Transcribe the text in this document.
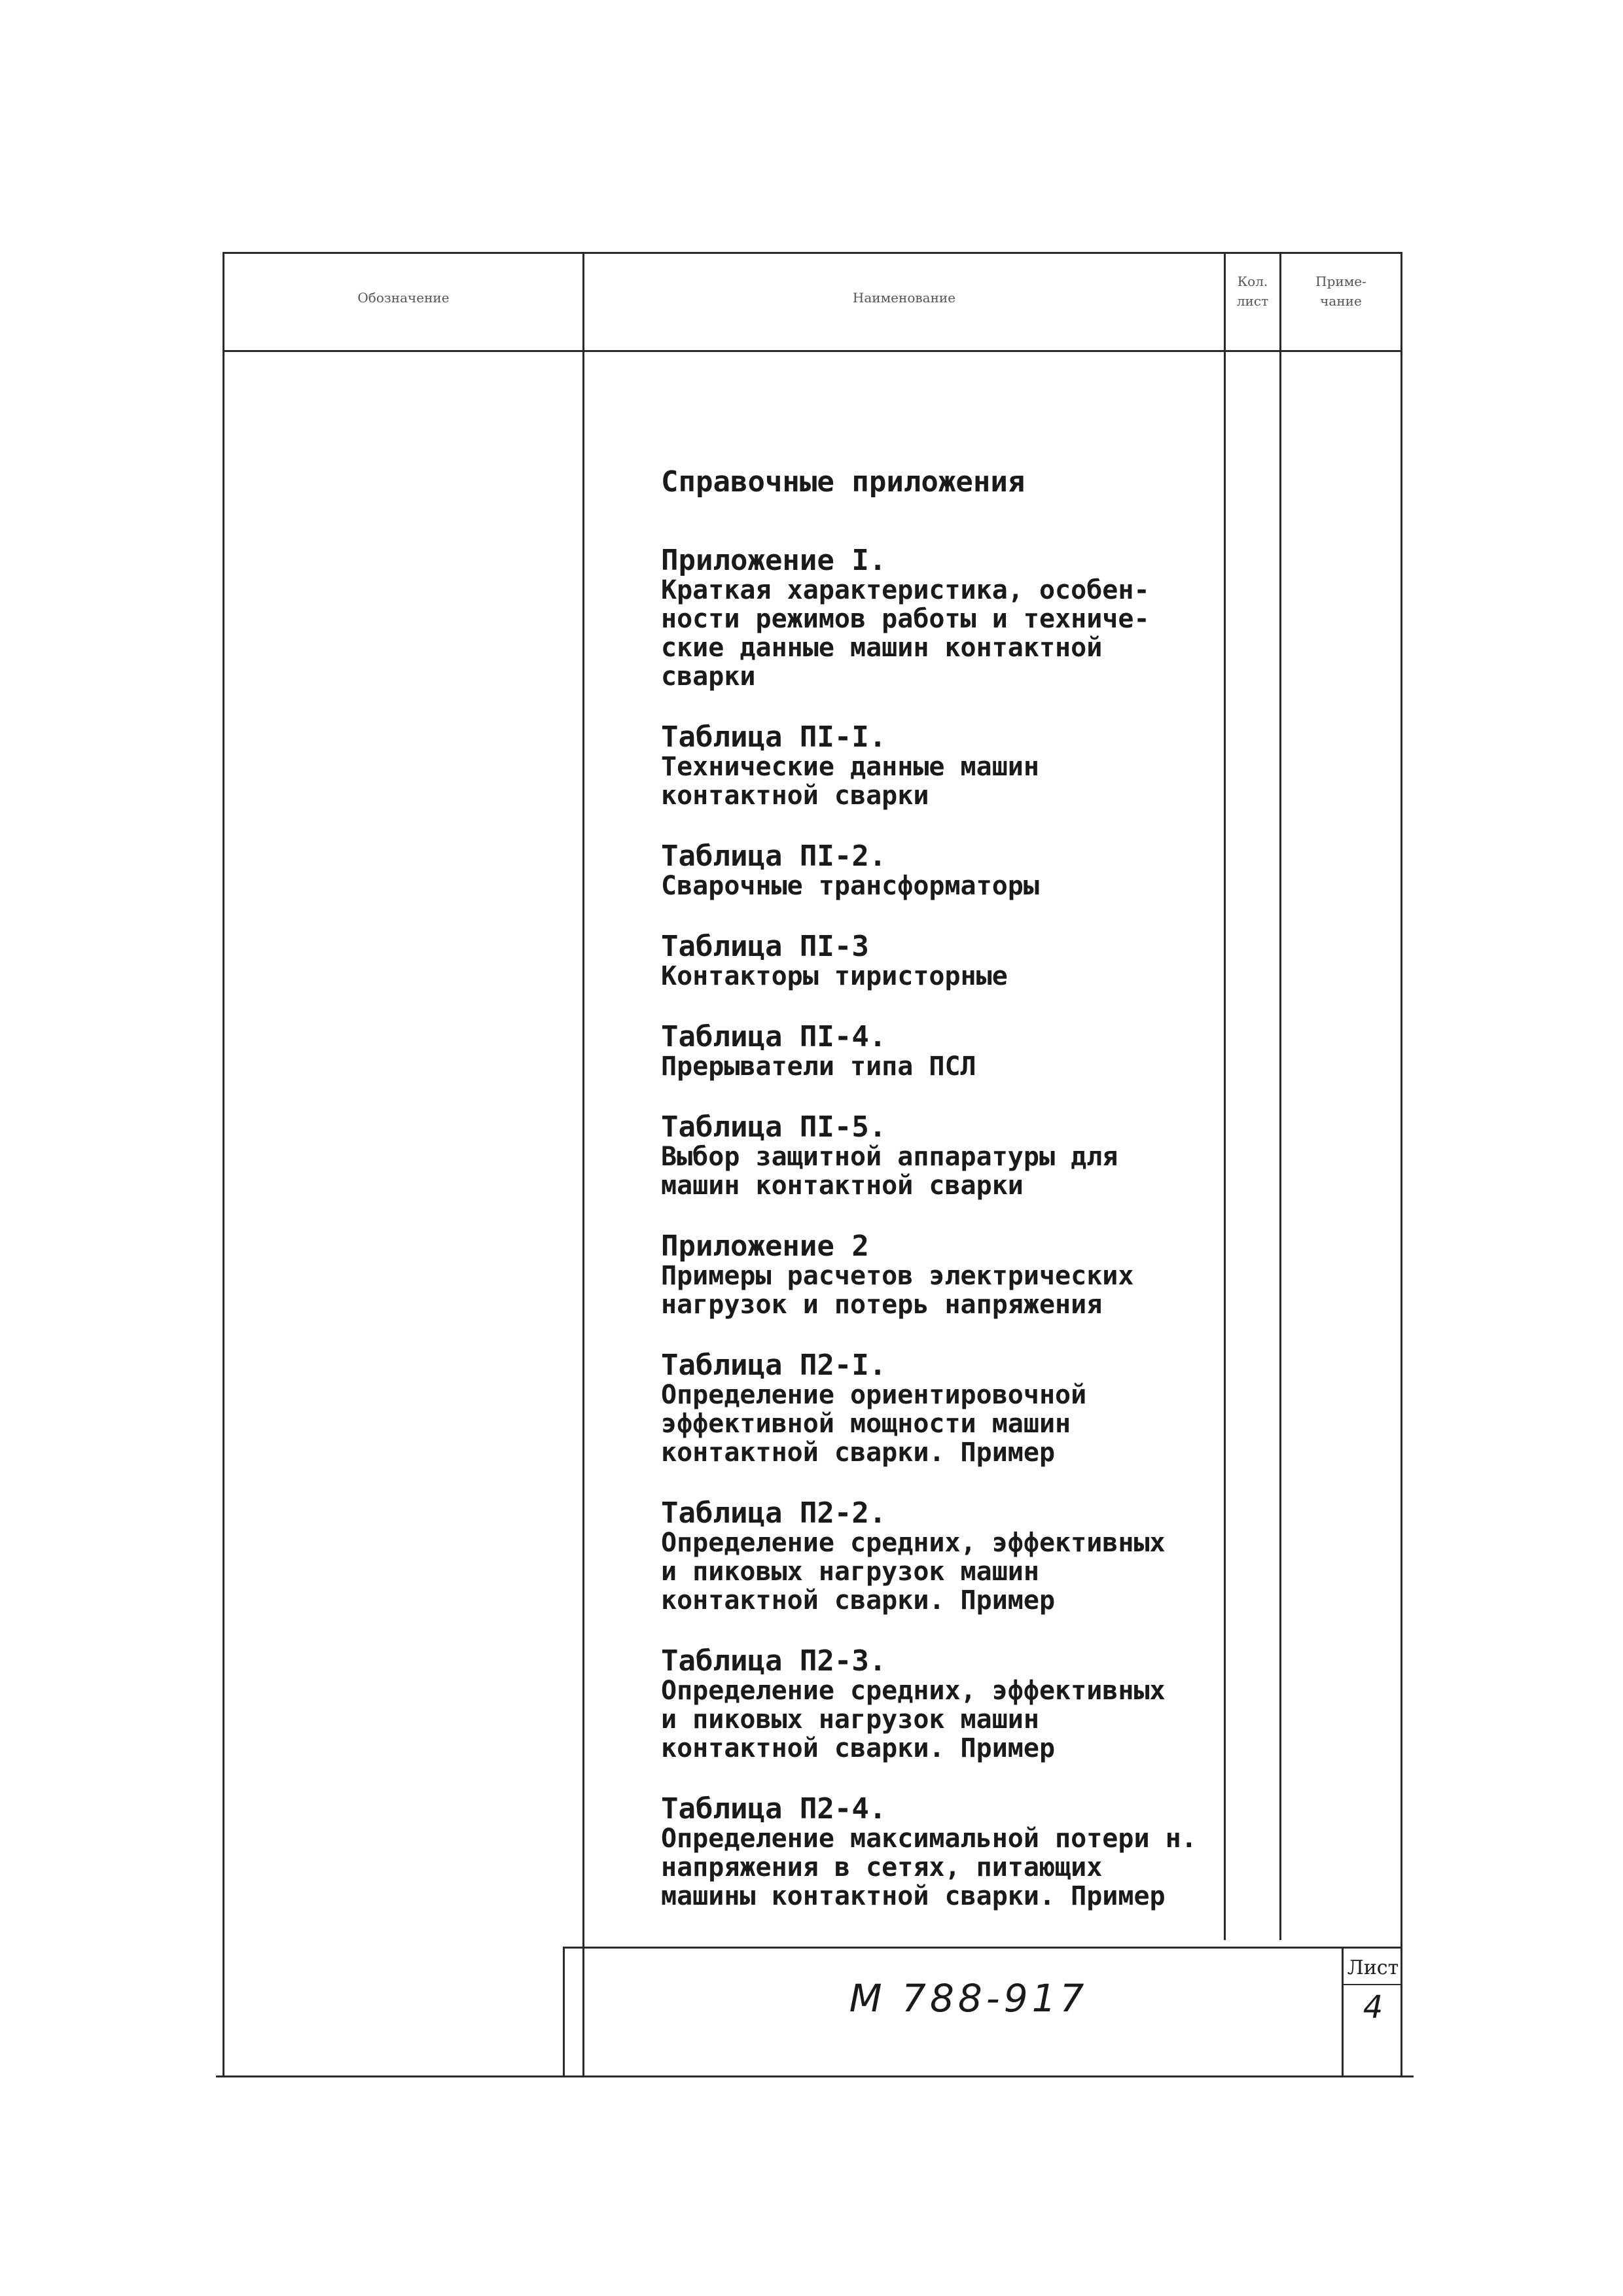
Обозначение	Наименование
Кол.
лист
Приме-
чание
Справочные приложения
Приложение I.
Краткая характеристика, особен-
ности режимов работы и техниче-
ские данные машин контактной
сварки
Таблица ПI-I.
Технические данные машин
контактной сварки
Таблица ПI-2.
Сварочные трансформаторы
Таблица ПI-3
Контакторы тиристорные
Таблица ПI-4.
Прерыватели типа ПСЛ
Таблица ПI-5.
Выбор защитной аппаратуры для
машин контактной сварки
Приложение 2
Примеры расчетов электрических
нагрузок и потерь напряжения
Таблица П2-I.
Определение ориентировочной
эффективной мощности машин
контактной сварки. Пример
Таблица П2-2.
Определение средних, эффективных
и пиковых нагрузок машин
контактной сварки. Пример
Таблица П2-3.
Определение средних, эффективных
и пиковых нагрузок машин
контактной сварки. Пример
Таблица П2-4.
Определение максимальной потери н.
напряжения в сетях, питающих
машины контактной сварки. Пример
М 788-917
Лист
4
